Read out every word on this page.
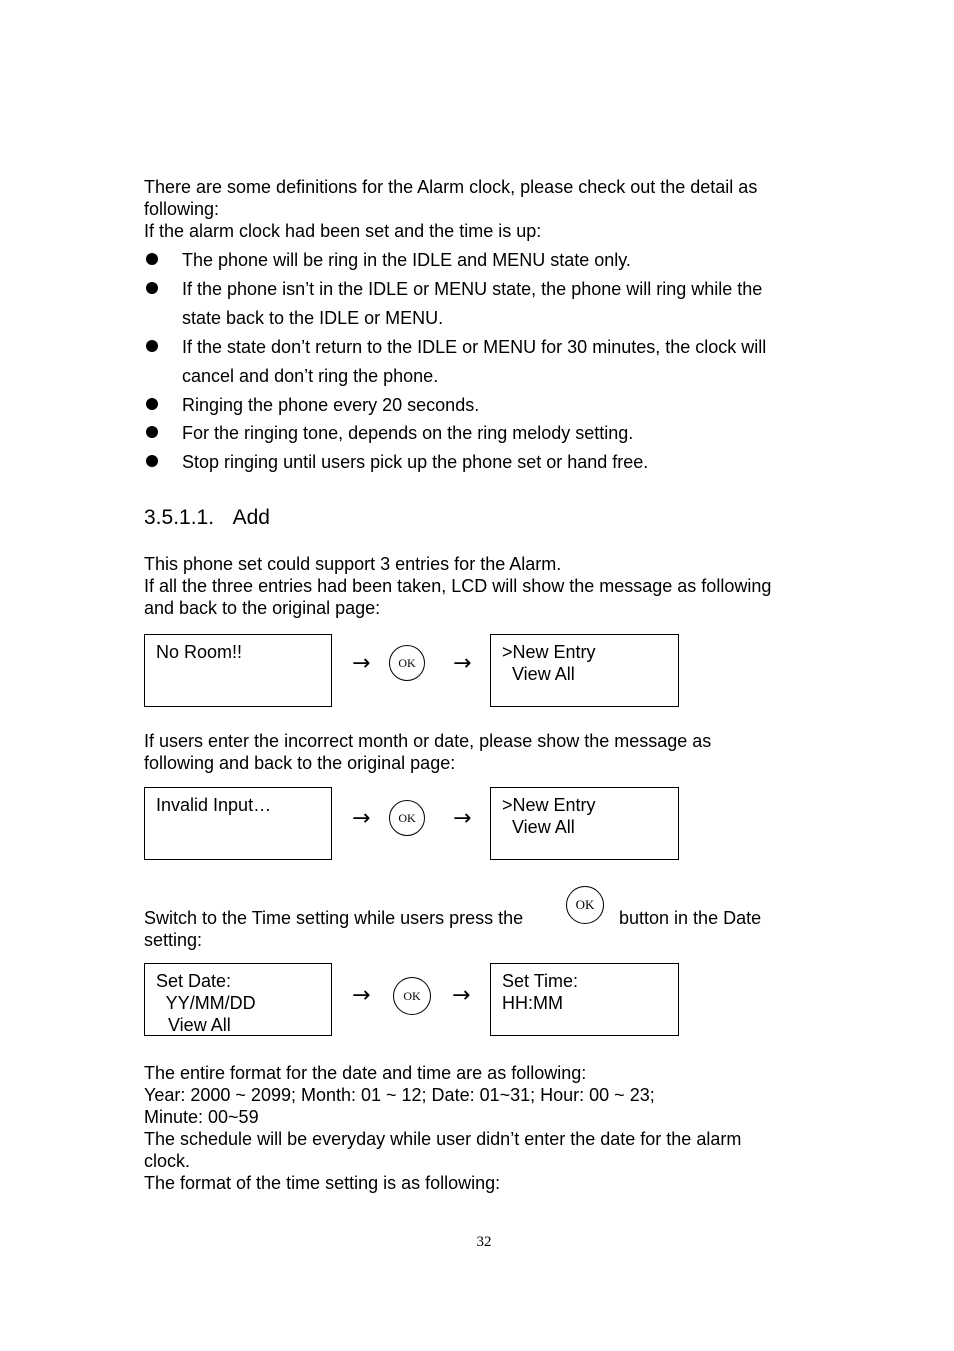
There are some definitions for the Alarm clock, please check out the detail as
following:
If the alarm clock had been set and the time is up:
The phone will be ring in the IDLE and MENU state only.
If the phone isn’t in the IDLE or MENU state, the phone will ring while the
state back to the IDLE or MENU.
If the state don’t return to the IDLE or MENU for 30 minutes, the clock will
cancel and don’t ring the phone.
Ringing the phone every 20 seconds.
For the ringing tone, depends on the ring melody setting.
Stop ringing until users pick up the phone set or hand free.
3.5.1.1. Add
This phone set could support 3 entries for the Alarm.
If all the three entries had been taken, LCD will show the message as following
and back to the original page:
No Room!!	→	OK	→ >New Entry
View All
If users enter the incorrect month or date, please show the message as
following and back to the original page:
Invalid Input…
→	OK	→
>New Entry
View All
Switch to the Time setting while users press the
OK
button in the Date
setting:
Set Date:
YY/MM/DD
View All
→	OK	→
Set Time:
HH:MM
The entire format for the date and time are as following:
Year: 2000 ~ 2099; Month: 01 ~ 12; Date: 01~31; Hour: 00 ~ 23;
Minute: 00~59
The schedule will be everyday while user didn’t enter the date for the alarm
clock.
The format of the time setting is as following:
32
